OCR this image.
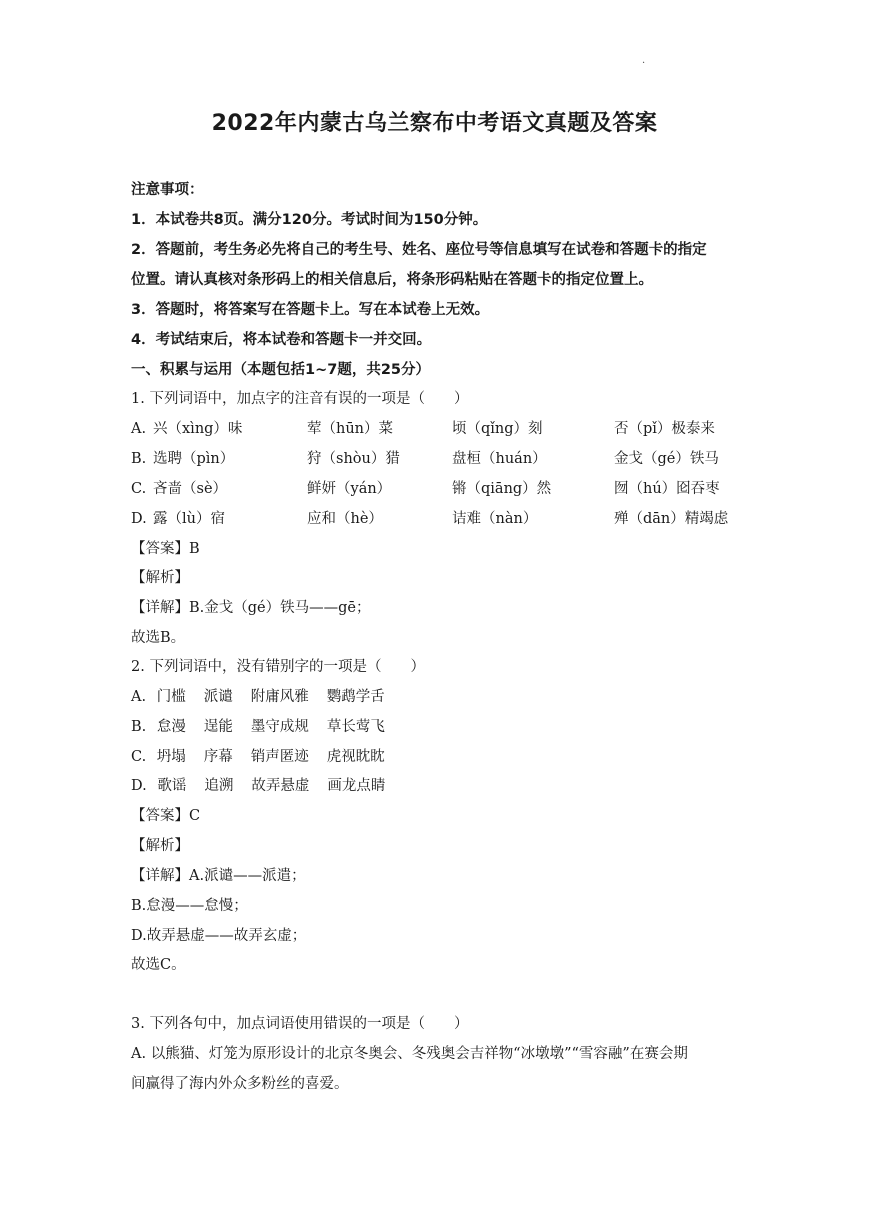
·
2022年内蒙古乌兰察布中考语文真题及答案
注意事项：
1．本试卷共8页。满分120分。考试时间为150分钟。
2．答题前，考生务必先将自己的考生号、姓名、座位号等信息填写在试卷和答题卡的指定
位置。请认真核对条形码上的相关信息后，将条形码粘贴在答题卡的指定位置上。
3．答题时，将答案写在答题卡上。写在本试卷上无效。
4．考试结束后，将本试卷和答题卡一并交回。
一、积累与运用（本题包括1~7题，共25分）
1. 下列词语中，加点字的注音有误的一项是（　　）
A. 兴（xìng）味	荤（hūn）菜	顷（qǐng）刻	否（pǐ）极泰来
B. 选聘（pìn）	狩（shòu）猎	盘桓（huán）	金戈（gé）铁马
C. 吝啬（sè）	鲜妍（yán）	锵（qiāng）然	囫（hú）囵吞枣
D. 露（lù）宿	应和（hè）	诘难（nàn）	殚（dān）精竭虑
【答案】B
【解析】
【详解】B.金戈（gé）铁马——gē；
故选B。
2. 下列词语中，没有错别字的一项是（　　）
A. 门槛 派谴 附庸风雅 鹦鹉学舌
B. 怠漫 逞能 墨守成规 草长莺飞
C. 坍塌 序幕 销声匿迹 虎视眈眈
D. 歌谣 追溯 故弄悬虚 画龙点睛
【答案】C
【解析】
【详解】A.派谴——派遣；
B.怠漫——怠慢；
D.故弄悬虚——故弄玄虚；
故选C。
3. 下列各句中，加点词语使用错误的一项是（　　）
A. 以熊猫、灯笼为原形设计的北京冬奥会、冬残奥会吉祥物“冰墩墩”“雪容融”在赛会期
间赢得了海内外众多粉丝的喜爱。
